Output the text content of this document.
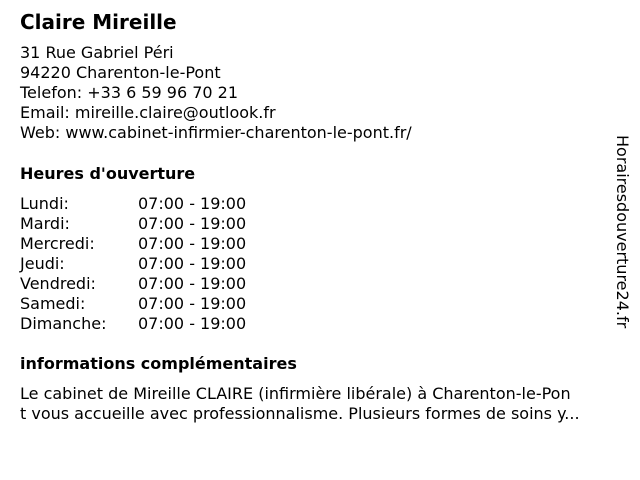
Claire Mireille
31 Rue Gabriel Péri
94220 Charenton-le-Pont
Telefon: +33 6 59 96 70 21
Email: mireille.claire@outlook.fr
Web: www.cabinet-infirmier-charenton-le-pont.fr/
Heures d'ouverture
Lundi:	07:00 - 19:00
Mardi:	07:00 - 19:00
Mercredi:	07:00 - 19:00
Jeudi:	07:00 - 19:00
Vendredi:	07:00 - 19:00
Samedi:	07:00 - 19:00
Dimanche:	07:00 - 19:00
informations complémentaires
Le cabinet de Mireille CLAIRE (infirmière libérale) à Charenton-le-Pon
t vous accueille avec professionnalisme. Plusieurs formes de soins y...
Horairesdouverture24.fr
